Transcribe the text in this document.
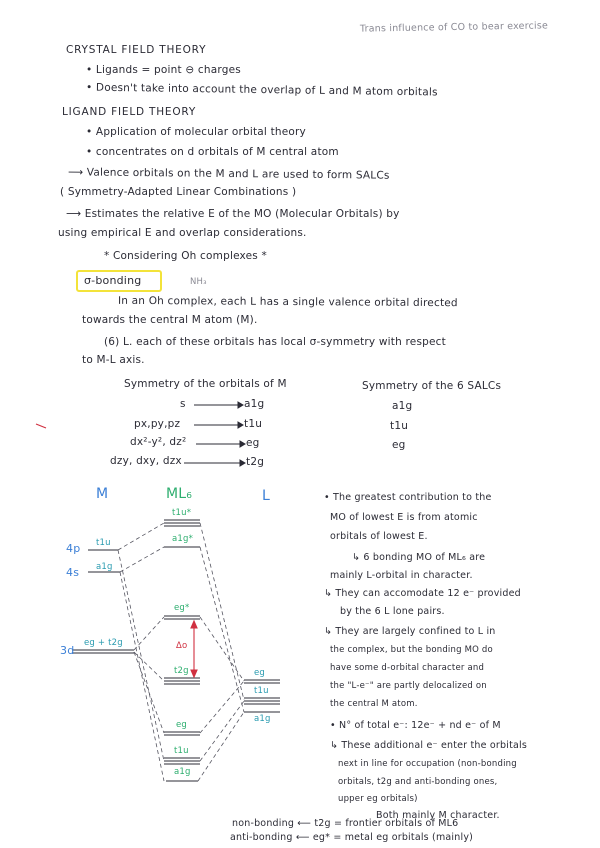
Trans influence of CO to bear exercise
CRYSTAL FIELD THEORY
• Ligands = point ⊖ charges
• Doesn't take into account the overlap of L and M atom orbitals
LIGAND FIELD THEORY
• Application of molecular orbital theory
• concentrates on d orbitals of M central atom
⟶ Valence orbitals on the M and L are used to form SALCs
( Symmetry-Adapted Linear Combinations )
⟶ Estimates the relative E of the MO (Molecular Orbitals) by
using empirical E and overlap considerations.
* Considering Oh complexes *
σ-bonding	NH₃
In an Oh complex, each L has a single valence orbital directed
towards the central M atom (M).
(6) L. each of these orbitals has local σ-symmetry with respect
to M-L axis.
Symmetry of the orbitals of M	Symmetry of the 6 SALCs
s	a1g	a1g
px,py,pz	t1u	t1u
dx²-y², dz²	eg	eg
dzy, dxy, dzx	t2g
M	ML₆	L
4p t1u
4s a1g
3d
eg + t2g
t1u*
a1g*
eg*
Δo
t2g
eg
t1u
a1g
eg
t1u
a1g
• The greatest contribution to the
MO of lowest E is from atomic
orbitals of lowest E.
↳ 6 bonding MO of ML₆ are
mainly L-orbital in character.
↳ They can accomodate 12 e⁻ provided
by the 6 L lone pairs.
↳ They are largely confined to L in
the complex, but the bonding MO do
have some d-orbital character and
the "L-e⁻" are partly delocalized on
the central M atom.
• N° of total e⁻: 12e⁻ + nd e⁻ of M
↳ These additional e⁻ enter the orbitals
next in line for occupation (non-bonding
orbitals, t2g and anti-bonding ones,
upper eg orbitals)
Both mainly M character.
non-bonding ⟵ t2g = frontier orbitals of ML6
anti-bonding ⟵ eg* = metal eg orbitals (mainly)
